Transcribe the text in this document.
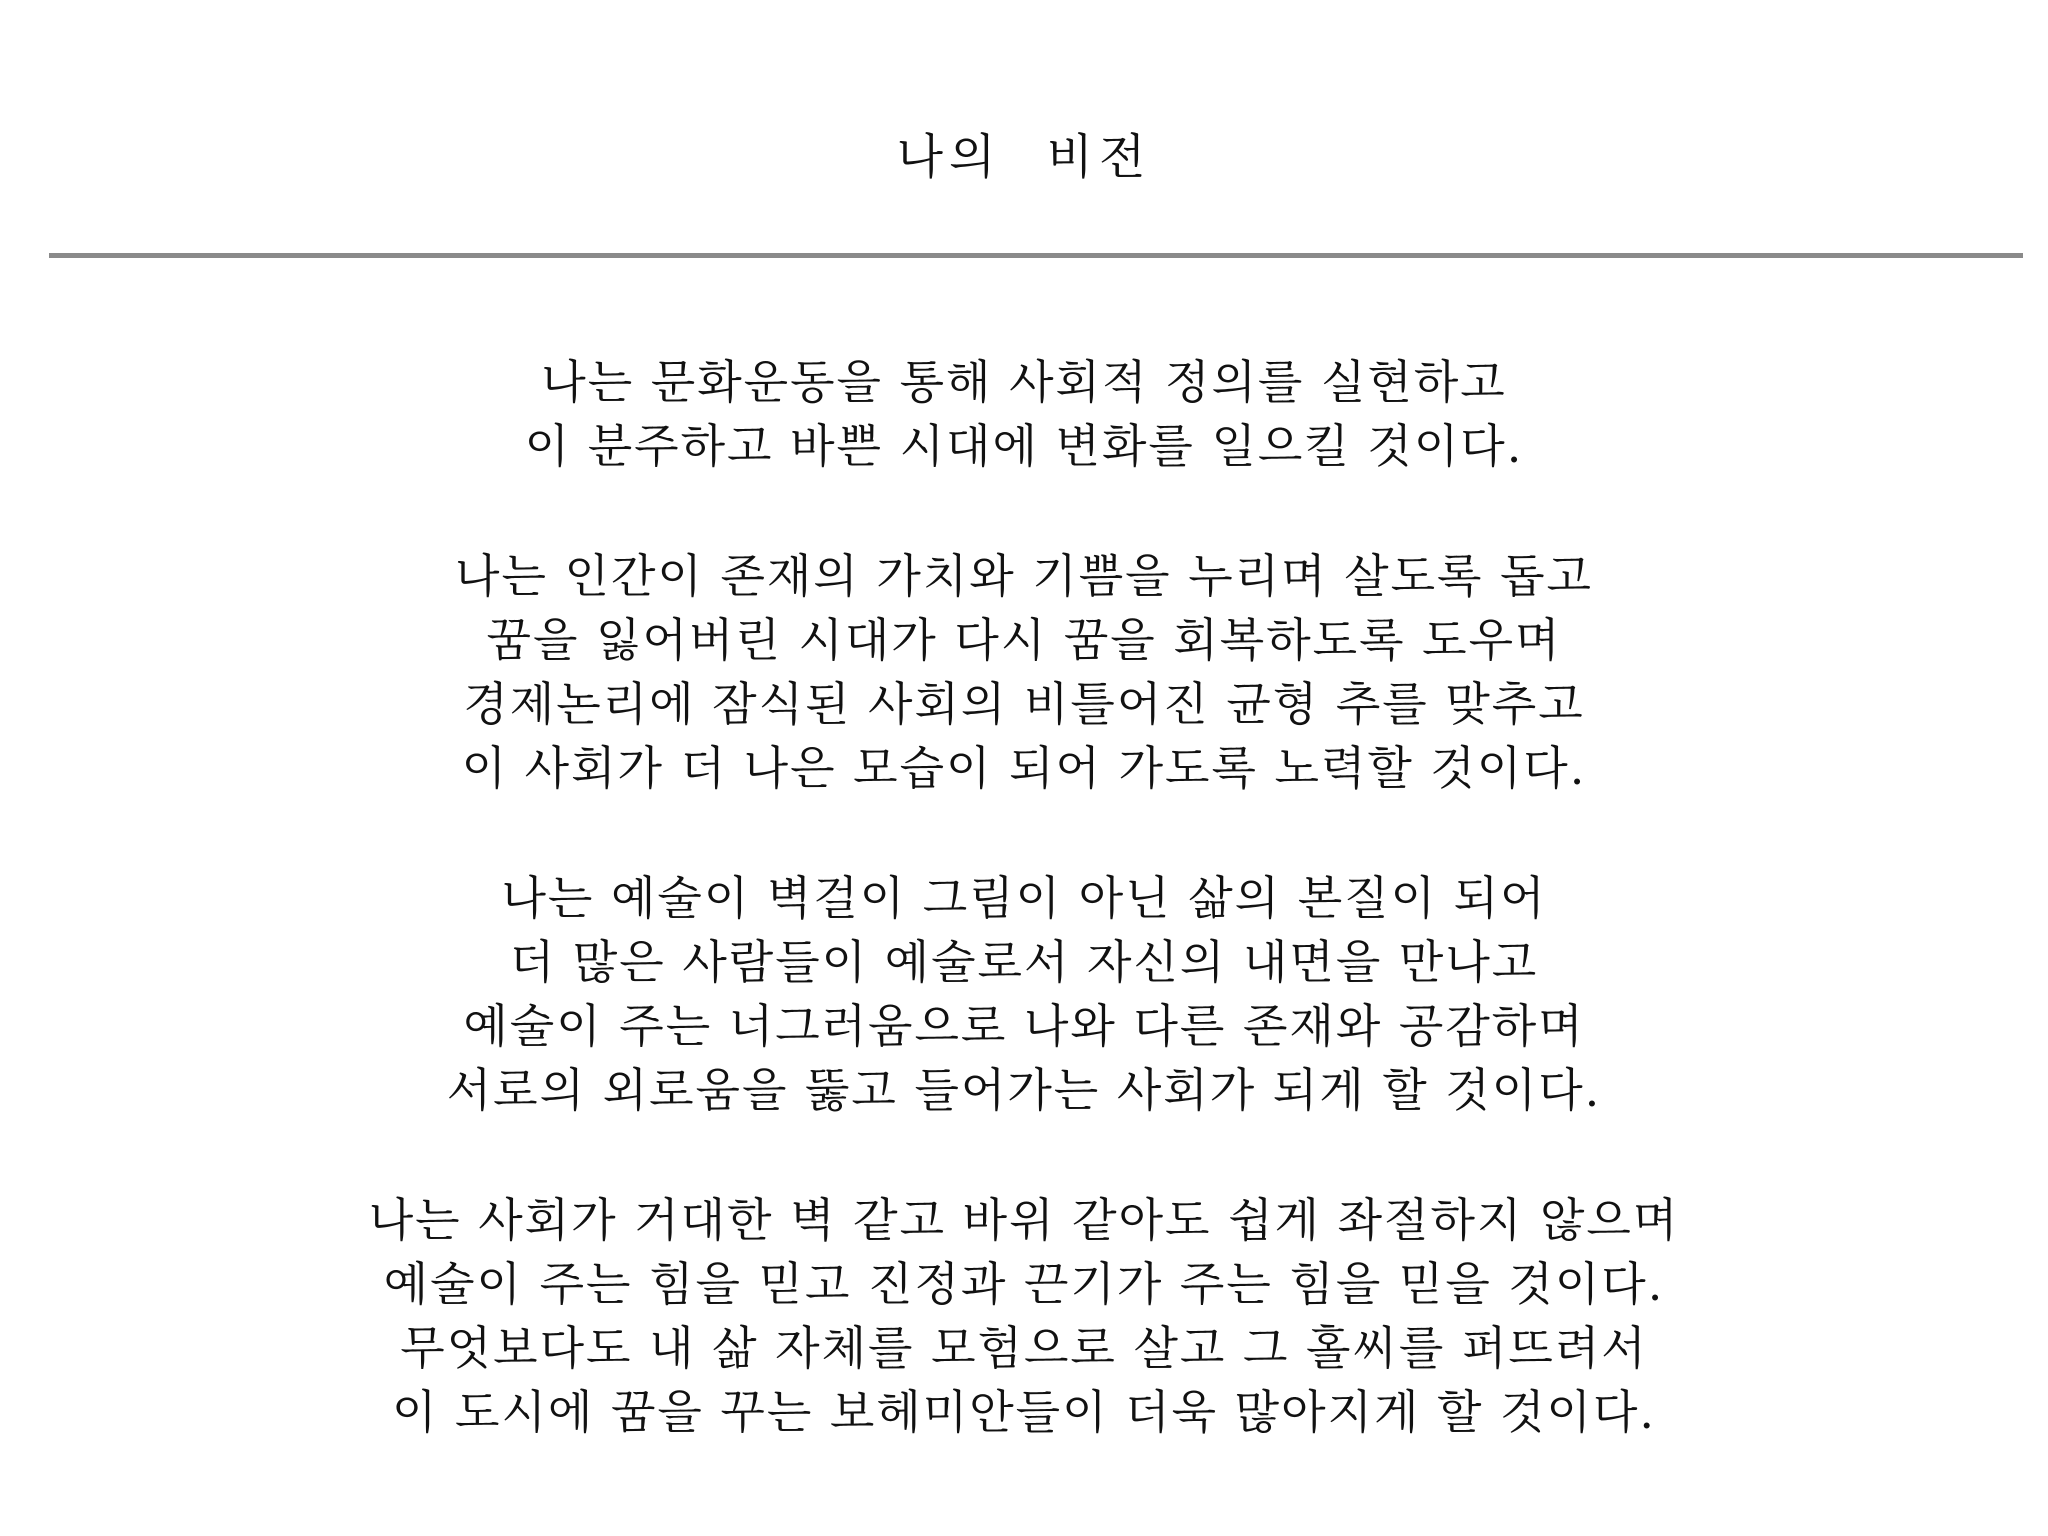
나의 비전
나는 문화운동을 통해 사회적 정의를 실현하고
이 분주하고 바쁜 시대에 변화를 일으킬 것이다.
나는 인간이 존재의 가치와 기쁨을 누리며 살도록 돕고
꿈을 잃어버린 시대가 다시 꿈을 회복하도록 도우며
경제논리에 잠식된 사회의 비틀어진 균형 추를 맞추고
이 사회가 더 나은 모습이 되어 가도록 노력할 것이다.
나는 예술이 벽걸이 그림이 아닌 삶의 본질이 되어
더 많은 사람들이 예술로서 자신의 내면을 만나고
예술이 주는 너그러움으로 나와 다른 존재와 공감하며
서로의 외로움을 뚫고 들어가는 사회가 되게 할 것이다.
나는 사회가 거대한 벽 같고 바위 같아도 쉽게 좌절하지 않으며
예술이 주는 힘을 믿고 진정과 끈기가 주는 힘을 믿을 것이다.
무엇보다도 내 삶 자체를 모험으로 살고 그 홀씨를 퍼뜨려서
이 도시에 꿈을 꾸는 보헤미안들이 더욱 많아지게 할 것이다.
